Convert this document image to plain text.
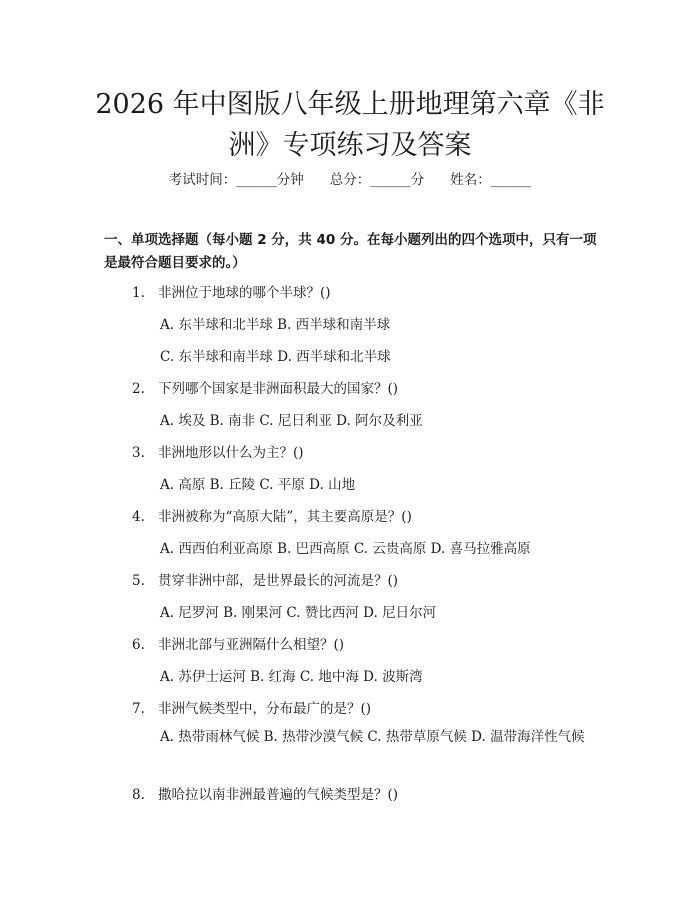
2026 年中图版八年级上册地理第六章《非
洲》专项练习及答案
考试时间：______分钟 总分：______分 姓名：______
一、单项选择题（每小题 2 分，共 40 分。在每小题列出的四个选项中，只有一项是最符合题目要求的。）
1. 非洲位于地球的哪个半球？()
A. 东半球和北半球 B. 西半球和南半球
C. 东半球和南半球 D. 西半球和北半球
2. 下列哪个国家是非洲面积最大的国家？()
A. 埃及 B. 南非 C. 尼日利亚 D. 阿尔及利亚
3. 非洲地形以什么为主？()
A. 高原 B. 丘陵 C. 平原 D. 山地
4. 非洲被称为“高原大陆”，其主要高原是？()
A. 西西伯利亚高原 B. 巴西高原 C. 云贵高原 D. 喜马拉雅高原
5. 贯穿非洲中部，是世界最长的河流是？()
A. 尼罗河 B. 刚果河 C. 赞比西河 D. 尼日尔河
6. 非洲北部与亚洲隔什么相望？()
A. 苏伊士运河 B. 红海 C. 地中海 D. 波斯湾
7. 非洲气候类型中，分布最广的是？()
A. 热带雨林气候 B. 热带沙漠气候 C. 热带草原气候 D. 温带海洋性气候
8. 撒哈拉以南非洲最普遍的气候类型是？()
